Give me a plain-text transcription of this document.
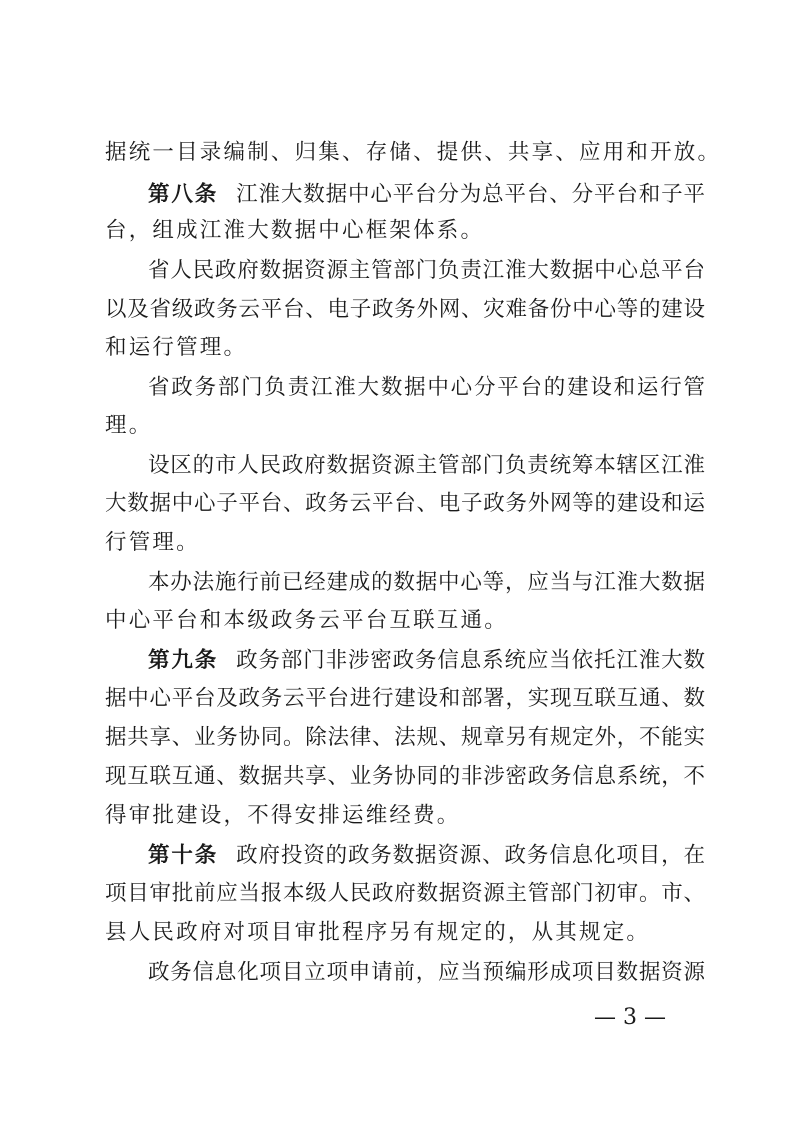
据统一目录编制、归集、存储、提供、共享、应用和开放。
第八条 江淮大数据中心平台分为总平台、分平台和子平
台，组成江淮大数据中心框架体系。
省人民政府数据资源主管部门负责江淮大数据中心总平台
以及省级政务云平台、电子政务外网、灾难备份中心等的建设
和运行管理。
省政务部门负责江淮大数据中心分平台的建设和运行管
理。
设区的市人民政府数据资源主管部门负责统筹本辖区江淮
大数据中心子平台、政务云平台、电子政务外网等的建设和运
行管理。
本办法施行前已经建成的数据中心等，应当与江淮大数据
中心平台和本级政务云平台互联互通。
第九条 政务部门非涉密政务信息系统应当依托江淮大数
据中心平台及政务云平台进行建设和部署，实现互联互通、数
据共享、业务协同。除法律、法规、规章另有规定外，不能实
现互联互通、数据共享、业务协同的非涉密政务信息系统，不
得审批建设，不得安排运维经费。
第十条 政府投资的政务数据资源、政务信息化项目，在
项目审批前应当报本级人民政府数据资源主管部门初审。市、
县人民政府对项目审批程序另有规定的，从其规定。
政务信息化项目立项申请前，应当预编形成项目数据资源
— 3 —
